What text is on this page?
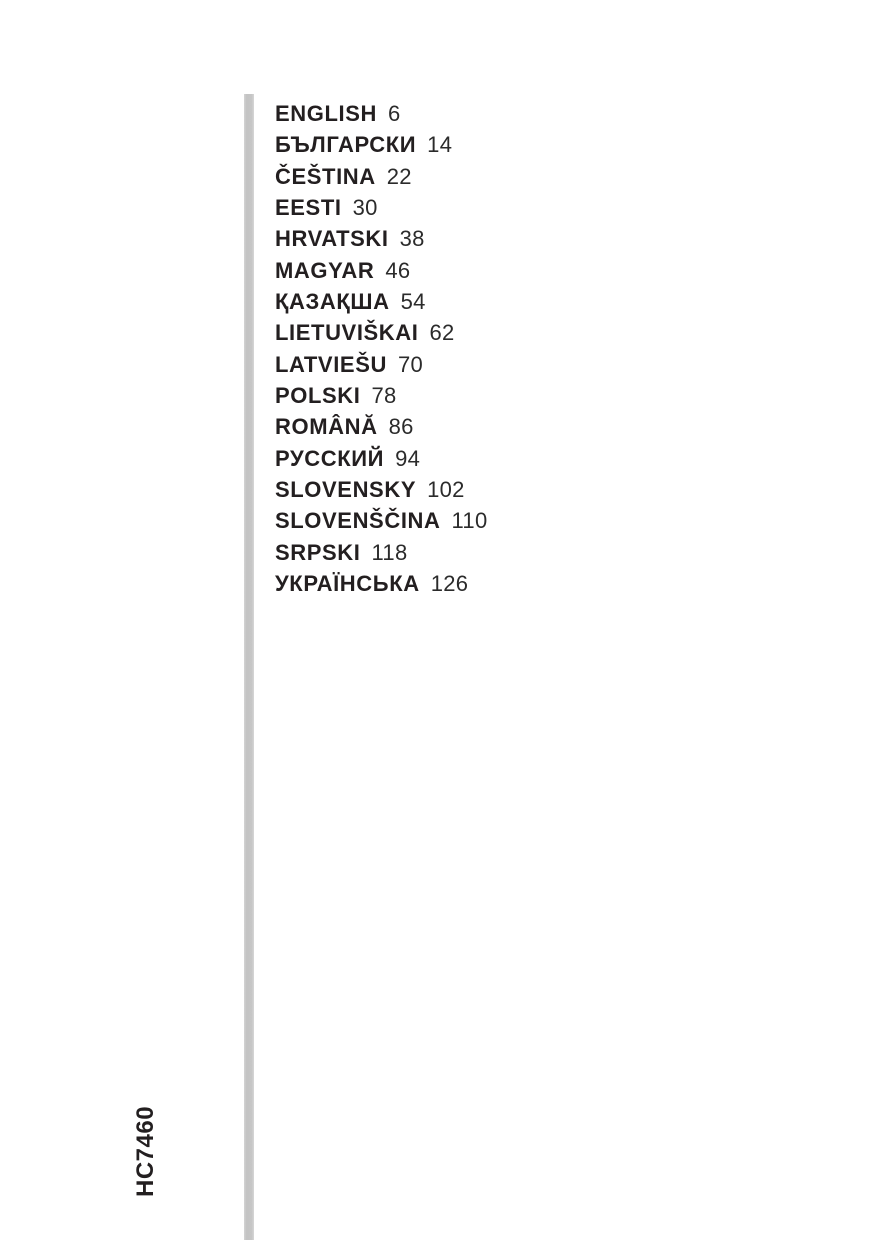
ENGLISH 6
БЪЛГАРСКИ 14
ČEŠTINA 22
EESTI 30
HRVATSKI 38
MAGYAR 46
ҚАЗАҚША 54
LIETUVIŠKAI 62
LATVIEŠU 70
POLSKI 78
ROMÂNĂ 86
РУССКИЙ 94
SLOVENSKY 102
SLOVENŠČINA 110
SRPSKI 118
УКРАЇНСЬКА 126
HC7460
